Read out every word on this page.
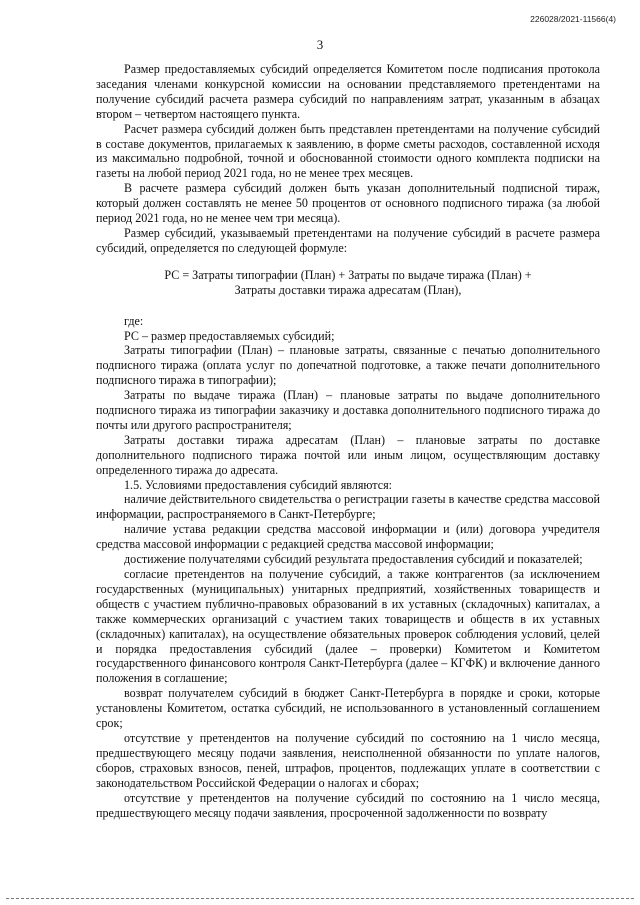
226028/2021-11566(4)
3

Размер предоставляемых субсидий определяется Комитетом после подписания протокола заседания членами конкурсной комиссии на основании представляемого претендентами на получение субсидий расчета размера субсидий по направлениям затрат, указанным в абзацах втором – четвертом настоящего пункта.

Расчет размера субсидий должен быть представлен претендентами на получение субсидий в составе документов, прилагаемых к заявлению, в форме сметы расходов, составленной исходя из максимально подробной, точной и обоснованной стоимости одного комплекта подписки на газеты на любой период 2021 года, но не менее трех месяцев.

В расчете размера субсидий должен быть указан дополнительный подписной тираж, который должен составлять не менее 50 процентов от основного подписного тиража (за любой период 2021 года, но не менее чем три месяца).

Размер субсидий, указываемый претендентами на получение субсидий в расчете размера субсидий, определяется по следующей формуле:

РС = Затраты типографии (План) + Затраты по выдаче тиража (План) +
Затраты доставки тиража адресатам (План),

где:

РС – размер предоставляемых субсидий;

Затраты типографии (План) – плановые затраты, связанные с печатью дополнительного подписного тиража (оплата услуг по допечатной подготовке, а также печати дополнительного подписного тиража в типографии);

Затраты по выдаче тиража (План) – плановые затраты по выдаче дополнительного подписного тиража из типографии заказчику и доставка дополнительного подписного тиража до почты или другого распространителя;

Затраты доставки тиража адресатам (План) – плановые затраты по доставке дополнительного подписного тиража почтой или иным лицом, осуществляющим доставку определенного тиража до адресата.

1.5. Условиями предоставления субсидий являются:

наличие действительного свидетельства о регистрации газеты в качестве средства массовой информации, распространяемого в Санкт-Петербурге;

наличие устава редакции средства массовой информации и (или) договора учредителя средства массовой информации с редакцией средства массовой информации;

достижение получателями субсидий результата предоставления субсидий и показателей;

согласие претендентов на получение субсидий, а также контрагентов (за исключением государственных (муниципальных) унитарных предприятий, хозяйственных товариществ и обществ с участием публично-правовых образований в их уставных (складочных) капиталах, а также коммерческих организаций с участием таких товариществ и обществ в их уставных (складочных) капиталах), на осуществление обязательных проверок соблюдения условий, целей и порядка предоставления субсидий (далее – проверки) Комитетом и Комитетом государственного финансового контроля Санкт-Петербурга (далее – КГФК) и включение данного положения в соглашение;

возврат получателем субсидий в бюджет Санкт-Петербурга в порядке и сроки, которые установлены Комитетом, остатка субсидий, не использованного в установленный соглашением срок;

отсутствие у претендентов на получение субсидий по состоянию на 1 число месяца, предшествующего месяцу подачи заявления, неисполненной обязанности по уплате налогов, сборов, страховых взносов, пеней, штрафов, процентов, подлежащих уплате в соответствии с законодательством Российской Федерации о налогах и сборах;

отсутствие у претендентов на получение субсидий по состоянию на 1 число месяца, предшествующего месяцу подачи заявления, просроченной задолженности по возврату
